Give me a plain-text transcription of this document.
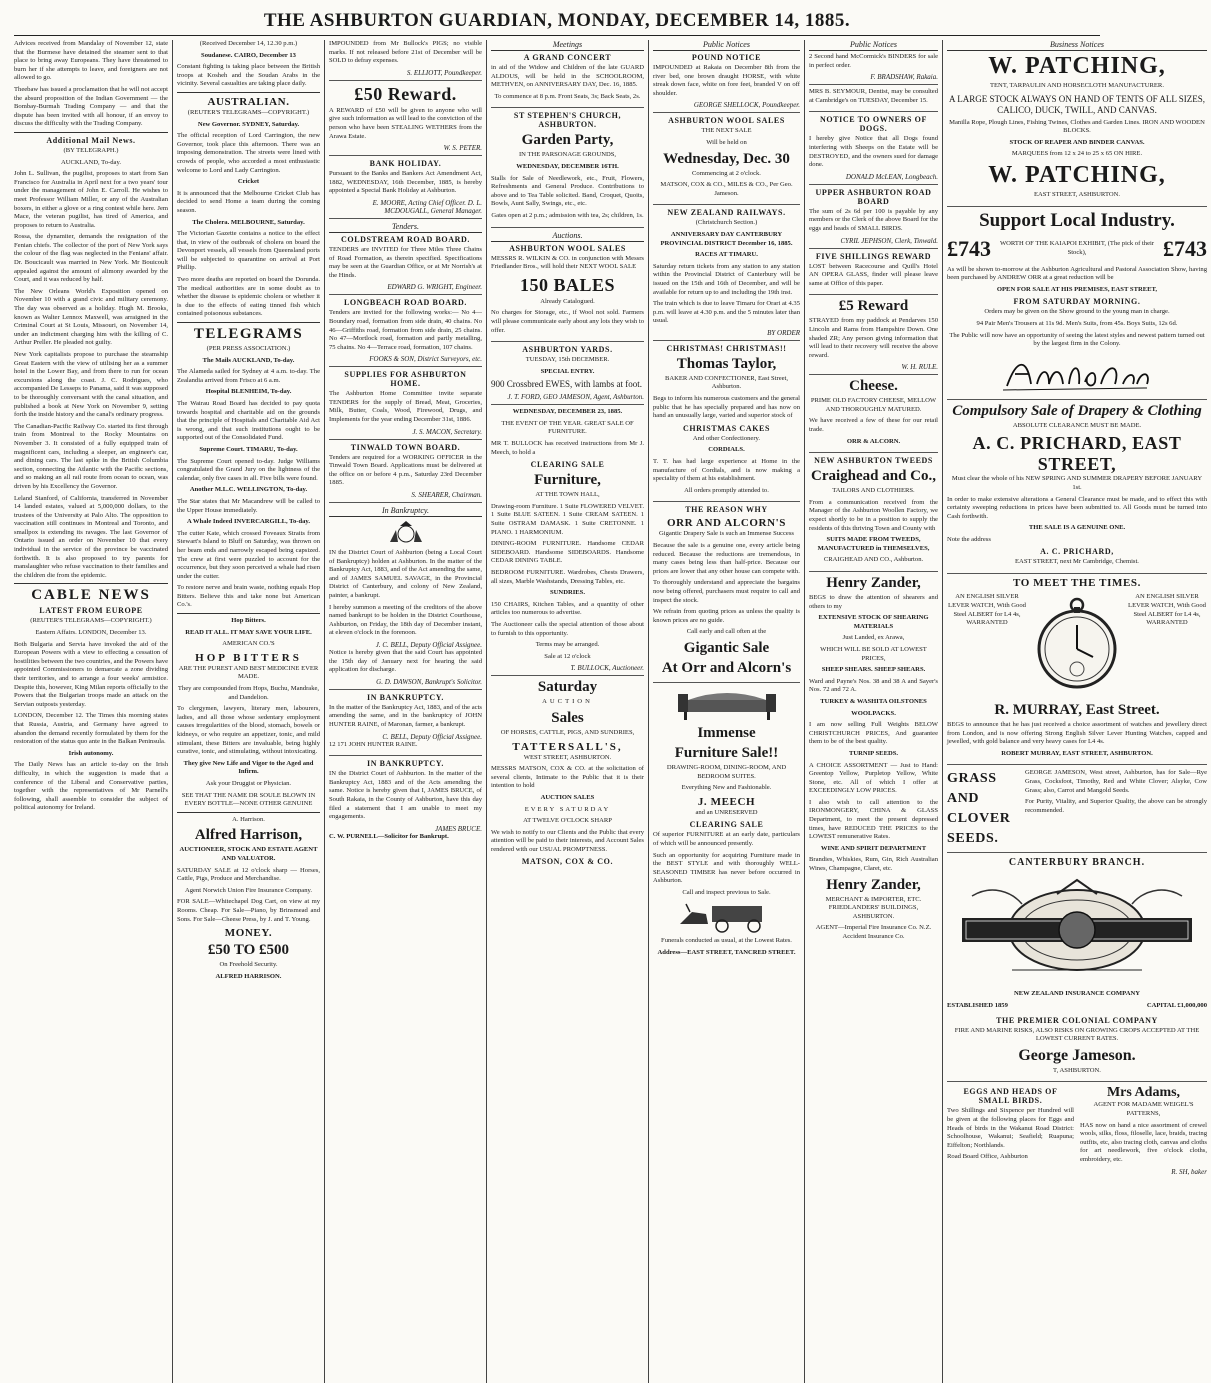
THE ASHBURTON GUARDIAN, MONDAY, DECEMBER 14, 1885.

Advices received from Mandalay of November 12, state that the Burmese have detained the steamer sent to that place to bring away Europeans. They have threatened to burn her if she attempts to leave, and foreigners are not allowed to go.

Theebaw has issued a proclamation that he will not accept the absurd proposition of the Indian Government — the Bombay-Burmah Trading Company — and that the dispute has been invited with all honour, if an envoy to discuss the difficulty with the Trading Company.

Additional Mail News.
(BY TELEGRAPH.)
AUCKLAND, To-day.

John L. Sullivan, the pugilist, proposes to start from San Francisco for Australia in April next for a two years' tour under the management of John E. Carroll. He wishes to meet Professor William Miller, or any of the Australian boxers, in either a glove or a ring contest while here. Jem Mace, the veteran pugilist, has tired of America, and proposes to return to Australia.

Rossa, the dynamiter, demands the resignation of the Fenian chiefs. The collector of the port of New York says the colour of the flag was neglected in the Fenians' affair. Dr. Boucicault was married in New York. Mr Bouicoult appealed against the amount of alimony awarded by the Court, and it was reduced by half.

The New Orleans World's Exposition opened on November 10 with a grand civic and military ceremony. The day was observed as a holiday. Hugh M. Brooks, known as Walter Lennox Maxwell, was arraigned in the Criminal Court at St Louis, Missouri, on November 14, under an indictment charging him with the killing of C. Arthur Preller. He pleaded not guilty.

New York capitalists propose to purchase the steamship Great Eastern with the view of utilising her as a summer hotel in the Lower Bay, and from there to run for ocean excursions along the coast. J. C. Rodrigues, who accompanied De Lesseps to Panama, said it was supposed to be thoroughly conversant with the canal situation, and published a book at New York on November 9, setting forth the inside history and the canal's ordinary progress.

The Canadian-Pacific Railway Co. started its first through train from Montreal to the Rocky Mountains on November 3. It consisted of a fully equipped train of magnificent cars, including a sleeper, an engineer's car, and dining cars. The last spike in the British Columbia section, connecting the Atlantic with the Pacific sections, and so making an all rail route from ocean to ocean, was driven by his Excellency the Governor.

Leland Stanford, of California, transferred in November 14 landed estates, valued at 5,000,000 dollars, to the trustees of the University at Palo Alto. The opposition to vaccination still continues in Montreal and Toronto, and smallpox is extending its ravages. The last Governor of Ontario issued an order on November 10 that every individual in the service of the province be vaccinated forthwith. It is also proposed to try parents for manslaughter who refuse vaccination to their families and the children die from the epidemic.

CABLE NEWS
LATEST FROM EUROPE
(REUTER'S TELEGRAMS—COPYRIGHT.)
Eastern Affairs. LONDON, December 13.

Both Bulgaria and Servia have invoked the aid of the European Powers with a view to effecting a cessation of hostilities between the two countries, and the Powers have appointed Commissioners to demarcate a zone dividing their territories, and to arrange a four weeks' armistice. Despite this, however, King Milan reports officially to the Powers that the Bulgarian troops made an attack on the Servian outposts yesterday.

LONDON, December 12. The Times this morning states that Russia, Austria, and Germany have agreed to abandon the demand recently formulated by them for the restoration of the status quo ante in the Balkan Peninsula.

Irish autonomy.

The Daily News has an article to-day on the Irish difficulty, in which the suggestion is made that a conference of the Liberal and Conservative parties, together with the representatives of Mr Parnell's following, shall assemble to consider the subject of political autonomy for Ireland.

(Received December 14, 12.30 p.m.)
Soudanese. CAIRO, December 13

Constant fighting is taking place between the British troops at Kosheh and the Soudan Arabs in the vicinity. Several casualties are taking place daily.

AUSTRALIAN.
(REUTER'S TELEGRAMS—COPYRIGHT.)
New Governor. SYDNEY, Saturday.

The official reception of Lord Carrington, the new Governor, took place this afternoon. There was an imposing demonstration. The streets were lined with crowds of people, who accorded a most enthusiastic welcome to Lord and Lady Carrington.

Cricket

It is announced that the Melbourne Cricket Club has decided to send Home a team during the coming season.

The Cholera. MELBOURNE, Saturday.

The Victorian Gazette contains a notice to the effect that, in view of the outbreak of cholera on board the Devonport vessels, all vessels from Queensland ports will be subjected to quarantine on arrival at Port Phillip.

Two more deaths are reported on board the Dorunda. The medical authorities are in some doubt as to whether the disease is epidemic cholera or whether it is due to the effects of eating tinned fish which contained poisonous substances.

TELEGRAMS
(PER PRESS ASSOCIATION.)
The Mails AUCKLAND, To-day.

The Alameda sailed for Sydney at 4 a.m. to-day. The Zealandia arrived from Frisco at 6 a.m.

Hospital BLENHEIM, To-day.

The Wairau Road Board has decided to pay quota towards hospital and charitable aid on the grounds that the principle of Hospitals and Charitable Aid Act is wrong, and that such institutions ought to be supported out of the Consolidated Fund.

Supreme Court. TIMARU, To-day.

The Supreme Court opened to-day. Judge Williams congratulated the Grand Jury on the lightness of the calendar, only five cases in all. Five bills were found.

Another M.L.C. WELLINGTON, To-day.

The Star states that Mr Macandrew will be called to the Upper House immediately.

A Whale Indeed INVERCARGILL, To-day.

The cutter Kate, which crossed Foveaux Straits from Stewart's Island to Bluff on Saturday, was thrown on her beam ends and narrowly escaped being capsized. The crew at first were puzzled to account for the occurrence, but they soon perceived a whale had risen under the cutter.

To restore nerve and brain waste, nothing equals Hop Bitters. Believe this and take none but American Co.'s.

Hop Bitters.
READ IT ALL. IT MAY SAVE YOUR LIFE.
AMERICAN CO.'S
HOP BITTERS
ARE THE PUREST AND BEST MEDICINE EVER MADE.
They are compounded from Hops, Buchu, Mandrake, and Dandelion.

To clergymen, lawyers, literary men, labourers, ladies, and all those whose sedentary employment causes irregularities of the blood, stomach, bowels or kidneys, or who require an appetizer, tonic, and mild stimulant, these Bitters are invaluable, being highly curative, tonic, and stimulating, without intoxicating.

They give New Life and Vigor to the Aged and Infirm.
Ask your Druggist or Physician.
SEE THAT THE NAME DR SOULE BLOWN IN EVERY BOTTLE—NONE OTHER GENUINE
A. Harrison.
Alfred Harrison,
AUCTIONEER, STOCK AND ESTATE AGENT AND VALUATOR.

SATURDAY SALE at 12 o'clock sharp — Horses, Cattle, Pigs, Produce and Merchandise.

Agent Norwich Union Fire Insurance Company.

FOR SALE—Whitechapel Dog Cart, on view at my Rooms. Cheap. For Sale—Piano, by Brinsmead and Sons. For Sale—Cheese Press, by J. and T. Young.

MONEY.
£50 TO £500
On Freehold Security.
ALFRED HARRISON.

IMPOUNDED from Mr Bullock's PIGS; no visible marks. If not released before 21st of December will be SOLD to defray expenses.

S. ELLIOTT, Poundkeeper.
£50 Reward.

A REWARD of £50 will be given to anyone who will give such information as will lead to the conviction of the person who have been STEALING WETHERS from the Arawa Estate.

W. S. PETER.
BANK HOLIDAY.

Pursuant to the Banks and Bankers Act Amendment Act, 1882, WEDNESDAY, 16th December, 1885, is hereby appointed a Special Bank Holiday at Ashburton.

E. MOORE, Acting Chief Officer. D. L. MCDOUGALL, General Manager.
Tenders.
COLDSTREAM ROAD BOARD.

TENDERS are INVITED for Three Miles Three Chains of Road Formation, as therein specified. Specifications may be seen at the Guardian Office, or at Mr Norrish's at the Hinds.

EDWARD G. WRIGHT, Engineer.
LONGBEACH ROAD BOARD.

Tenders are invited for the following works:— No 4—Boundary road, formation from side drain, 40 chains. No 46—Griffiths road, formation from side drain, 25 chains. No 47—Mortlock road, formation and partly metalling, 75 chains. No 4—Terrace road, formation, 107 chains.

FOOKS & SON, District Surveyors, etc.
SUPPLIES FOR ASHBURTON HOME.

The Ashburton Home Committee invite separate TENDERS for the supply of Bread, Meat, Groceries, Milk, Butter, Coals, Wood, Firewood, Drugs, and Implements for the year ending December 31st, 1886.

J. S. MACON, Secretary.
TINWALD TOWN BOARD.

Tenders are required for a WORKING OFFICER in the Tinwald Town Board. Applications must be delivered at the office on or before 4 p.m., Saturday 23rd December 1885.

S. SHEARER, Chairman.
In Bankruptcy.

IN the District Court of Ashburton (being a Local Court of Bankruptcy) holden at Ashburton. In the matter of the Bankruptcy Act, 1883, and of the Act amending the same, and of JAMES SAMUEL SAVAGE, in the Provincial District of Canterbury, and colony of New Zealand, painter, a bankrupt.

I hereby summon a meeting of the creditors of the above named bankrupt to be holden in the District Courthouse, Ashburton, on Friday, the 18th day of December instant, at eleven o'clock in the forenoon.

J. C. BELL, Deputy Official Assignee.

Notice is hereby given that the said Court has appointed the 15th day of January next for hearing the said application for discharge.

G. D. DAWSON, Bankrupt's Solicitor.
IN BANKRUPTCY.

In the matter of the Bankruptcy Act, 1883, and of the acts amending the same, and in the bankruptcy of JOHN HUNTER RAINE, of Maronan, farmer, a bankrupt.

C. BELL, Deputy Official Assignee.
12 171 JOHN HUNTER RAINE.
IN BANKRUPTCY.

IN the District Court of Ashburton. In the matter of the Bankruptcy Act, 1883 and of the Acts amending the same. Notice is hereby given that I, JAMES BRUCE, of South Rakaia, in the County of Ashburton, have this day filed a statement that I am unable to meet my engagements.

JAMES BRUCE.
C. W. PURNELL—Solicitor for Bankrupt.
Meetings
A GRAND CONCERT

in aid of the Widow and Children of the late GUARD ALDOUS, will be held in the SCHOOLROOM, METHVEN, on ANNIVERSARY DAY, Dec. 16, 1885.

To commence at 8 p.m. Front Seats, 3s; Back Seats, 2s.
ST STEPHEN'S CHURCH, ASHBURTON.
Garden Party,
IN THE PARSONAGE GROUNDS,
WEDNESDAY, DECEMBER 16TH.

Stalls for Sale of Needlework, etc., Fruit, Flowers, Refreshments and General Produce. Contributions to above and to Tea Table solicited. Band, Croquet, Quoits, Bowls, Aunt Sally, Swings, etc., etc.

Gates open at 2 p.m.; admission with tea, 2s; children, 1s.
Auctions.
ASHBURTON WOOL SALES

MESSRS R. WILKIN & CO. in conjunction with Messrs Friedlander Bros., will hold their NEXT WOOL SALE

150 BALES
Already Catalogued.

No charges for Storage, etc., if Wool not sold. Farmers will please communicate early about any lots they wish to offer.

ASHBURTON YARDS.
TUESDAY, 15th DECEMBER.
SPECIAL ENTRY.

900 Crossbred EWES, with lambs at foot.

J. T. FORD, GEO JAMESON, Agent, Ashburton.
WEDNESDAY, DECEMBER 23, 1885.
THE EVENT OF THE YEAR. GREAT SALE OF FURNITURE.

MR T. BULLOCK has received instructions from Mr J. Meech, to hold a

CLEARING SALE
Furniture,
AT THE TOWN HALL,

Drawing-room Furniture. 1 Suite FLOWERED VELVET. 1 Suite BLUE SATEEN. 1 Suite CREAM SATEEN. 1 Suite OSTRAM DAMASK. 1 Suite CRETONNE. 1 PIANO. 1 HARMONIUM.

DINING-ROOM FURNITURE. Handsome CEDAR SIDEBOARD. Handsome SIDEBOARDS. Handsome CEDAR DINING TABLE.

BEDROOM FURNITURE. Wardrobes, Chests Drawers, all sizes, Marble Washstands, Dressing Tables, etc.

SUNDRIES.

150 CHAIRS, Kitchen Tables, and a quantity of other articles too numerous to advertise.

The Auctioneer calls the special attention of those about to furnish to this opportunity.

Terms may be arranged.
Sale at 12 o'clock
T. BULLOCK, Auctioneer.
Saturday
AUCTION
Sales
OF HORSES, CATTLE, PIGS, AND SUNDRIES,
TATTERSALL'S,
WEST STREET, ASHBURTON.

MESSRS MATSON, COX & CO. at the solicitation of several clients, Intimate to the Public that it is their intention to hold

AUCTION SALES
EVERY SATURDAY
AT TWELVE O'CLOCK SHARP

We wish to notify to our Clients and the Public that every attention will be paid to their interests, and Account Sales rendered with our USUAL PROMPTNESS.

MATSON, COX & CO.
Public Notices
POUND NOTICE

IMPOUNDED at Rakaia on December 8th from the river bed, one brown draught HORSE, with white streak down face, white on fore feet, branded V on off shoulder.

GEORGE SHELLOCK, Poundkeeper.
ASHBURTON WOOL SALES
THE NEXT SALE
Will be held on
Wednesday, Dec. 30
Commencing at 2 o'clock.
MATSON, COX & CO., MILES & CO., Per Geo. Jameson.
NEW ZEALAND RAILWAYS.
(Christchurch Section.)
ANNIVERSARY DAY CANTERBURY PROVINCIAL DISTRICT December 16, 1885.
RACES AT TIMARU.

Saturday return tickets from any station to any station within the Provincial District of Canterbury will be issued on the 15th and 16th of December, and will be available for return up to and including the 19th inst.

The train which is due to leave Timaru for Orari at 4.35 p.m. will leave at 4.30 p.m. and the 5 minutes later than usual.

BY ORDER
CHRISTMAS! CHRISTMAS!!
Thomas Taylor,
BAKER AND CONFECTIONER, East Street, Ashburton.

Begs to inform his numerous customers and the general public that he has specially prepared and has now on hand an unusually large, varied and superior stock of

CHRISTMAS CAKES
And other Confectionery.
CORDIALS.

T. T. has had large experience at Home in the manufacture of Cordials, and is now making a speciality of them at his establishment.

All orders promptly attended to.
THE REASON WHY
ORR AND ALCORN'S
Gigantic Drapery Sale is such an Immense Success

Because the sale is a genuine one, every article being reduced. Because the reductions are tremendous, in many cases being less than half-price. Because our prices are lower that any other house can compete with.

To thoroughly understand and appreciate the bargains now being offered, purchasers must require to call and inspect the stock.

We refrain from quoting prices as unless the quality is known prices are no guide.

Call early and call often at the
Gigantic Sale
At Orr and Alcorn's
Immense
Furniture Sale!!
DRAWING-ROOM, DINING-ROOM, AND BEDROOM SUITES.
Everything New and Fashionable.
J. MEECH
and an UNRESERVED
CLEARING SALE

Of superior FURNITURE at an early date, particulars of which will be announced presently.

Such an opportunity for acquiring Furniture made in the BEST STYLE and with thoroughly WELL-SEASONED TIMBER has never before occurred in Ashburton.

Call and inspect previous to Sale.
Funerals conducted as usual, at the Lowest Rates.
Address—EAST STREET, TANCRED STREET.
Public Notices

2 Second hand McCormick's BINDERS for sale in perfect order.

F. BRADSHAW, Rakaia.

MRS B. SEYMOUR, Dentist, may be consulted at Cambridge's on TUESDAY, December 15.

NOTICE TO OWNERS OF DOGS.

I hereby give Notice that all Dogs found interfering with Sheeps on the Estate will be DESTROYED, and the owners sued for damage done.

DONALD McLEAN, Longbeach.
UPPER ASHBURTON ROAD BOARD

The sum of 2s 6d per 100 is payable by any members or the Clerk of the above Board for the eggs and heads of SMALL BIRDS.

CYRIL JEPHSON, Clerk, Tinwald.
FIVE SHILLINGS REWARD

LOST between Racecourse and Quill's Hotel AN OPERA GLASS, finder will please leave same at Office of this paper.

£5 Reward

STRAYED from my paddock at Pendarves 150 Lincoln and Rams from Hampshire Down. One shaded ZR; Any person giving information that will lead to their recovery will receive the above reward.

W. H. RULE.
Cheese.
PRIME OLD FACTORY CHEESE, MELLOW AND THOROUGHLY MATURED.

We have received a few of these for our retail trade.

ORR & ALCORN.
NEW ASHBURTON TWEEDS
Craighead and Co.,
TAILORS AND CLOTHIERS.

From a communication received from the Manager of the Ashburton Woollen Factory, we expect shortly to be in a position to supply the residents of this thriving Town and County with

SUITS MADE FROM TWEEDS, MANUFACTURED in THEMSELVES,
CRAIGHEAD AND CO., Ashburton.
Henry Zander,

BEGS to draw the attention of shearers and others to my

EXTENSIVE STOCK OF SHEARING MATERIALS
Just Landed, ex Arawa,
WHICH WILL BE SOLD AT LOWEST PRICES,
SHEEP SHEARS. SHEEP SHEARS.

Ward and Payne's Nos. 38 and 38 A and Sayer's Nos. 72 and 72 A.

TURKEY & WASHITA OILSTONES
WOOLPACKS.

I am now selling Full Weights BELOW CHRISTCHURCH PRICES, And guarantee them to be of the best quality.

TURNIP SEEDS.

A CHOICE ASSORTMENT — Just to Hand: Greentop Yellow, Purpletop Yellow, White Stone, etc. All of which I offer at EXCEEDINGLY LOW PRICES.

I also wish to call attention to the IRONMONGERY, CHINA & GLASS Department, to meet the present depressed times, have REDUCED THE PRICES to the LOWEST remunerative Rates.

WINE AND SPIRIT DEPARTMENT

Brandies, Whiskies, Rum, Gin, Rich Australian Wines, Champagne, Claret, etc.

Henry Zander,
MERCHANT & IMPORTER, ETC. FRIEDLANDERS' BUILDINGS, ASHBURTON.
AGENT—Imperial Fire Insurance Co. N.Z. Accident Insurance Co.
Business Notices
W. PATCHING,
TENT, TARPAULIN AND HORSECLOTH MANUFACTURER.
A LARGE STOCK ALWAYS ON HAND OF TENTS OF ALL SIZES, CALICO, DUCK, TWILL, AND CANVAS.
Manilla Rope, Plough Lines, Fishing Twines, Clothes and Garden Lines. IRON AND WOODEN BLOCKS.
STOCK OF REAPER AND BINDER CANVAS.
MARQUEES from 12 x 24 to 25 x 65 ON HIRE.
W. PATCHING,
EAST STREET, ASHBURTON.
Support Local Industry.
£743	WORTH OF THE KAIAPOI EXHIBIT, (The pick of their Stock),	£743

As will be shown to-morrow at the Ashburton Agricultural and Pastoral Association Show, having been purchased by ANDREW ORR at a great reduction will be

OPEN FOR SALE AT HIS PREMISES, EAST STREET,
FROM SATURDAY MORNING.
Orders may be given on the Show ground to the young man in charge.
94 Pair Men's Trousers at 11s 9d. Men's Suits, from 45s. Boys Suits, 12s 6d.
The Public will now have an opportunity of seeing the latest styles and newest pattern turned out by the largest firm in the Colony.
Compulsory Sale of Drapery & Clothing
ABSOLUTE CLEARANCE MUST BE MADE.
A. C. PRICHARD, EAST STREET,
Must clear the whole of his NEW SPRING AND SUMMER DRAPERY BEFORE JANUARY 1st.

In order to make extensive alterations a General Clearance must be made, and to effect this with certainty sweeping reductions in prices have been submitted to. All Goods must be turned into Cash forthwith.

THE SALE IS A GENUINE ONE.
Note the address
A. C. PRICHARD,
EAST STREET, next Mr Cambridge, Chemist.
TO MEET THE TIMES.
AN ENGLISH SILVER LEVER WATCH, With Good Steel ALBERT for L4 4s, WARRANTED
AN ENGLISH SILVER LEVER WATCH, With Good Steel ALBERT for L4 4s, WARRANTED
R. MURRAY, East Street.

BEGS to announce that he has just received a choice assortment of watches and jewellery direct from London, and is now offering Strong English Silver Lever Hunting Watches, capped and jewelled, with gold balance and very heavy cases for L4 4s.

ROBERT MURRAY, EAST STREET, ASHBURTON.
GRASS AND CLOVER SEEDS.

GEORGE JAMESON, West street, Ashburton, has for Sale—Rye Grass, Cocksfoot, Timothy, Red and White Clover; Alsyke, Cow Grass; also, Carrot and Mangold Seeds.

For Purity, Vitality, and Superior Quality, the above can be strongly recommended.

CANTERBURY BRANCH.
NEW ZEALAND INSURANCE COMPANY
ESTABLISHED 1859	CAPITAL £1,000,000
THE PREMIER COLONIAL COMPANY
FIRE AND MARINE RISKS, ALSO RISKS ON GROWING CROPS ACCEPTED AT THE LOWEST CURRENT RATES.
George Jameson.
T, ASHBURTON.
EGGS AND HEADS OF SMALL BIRDS.

Two Shillings and Sixpence per Hundred will be given at the following places for Eggs and Heads of birds in the Wakanui Road District: Schoolhouse, Wakanui; Seafield; Ruapuna; Eiffelton; Northlands.

Road Board Office, Ashburton
Mrs Adams,
AGENT FOR MADAME WEIGEL'S PATTERNS,

HAS now on hand a nice assortment of crewel wools, silks, floss, filoselle, lace, braids, tracing outfits, etc, also tracing cloth, canvas and cloths for art needlework, five o'clock cloths, embroidery, etc.

R. SH, baker
